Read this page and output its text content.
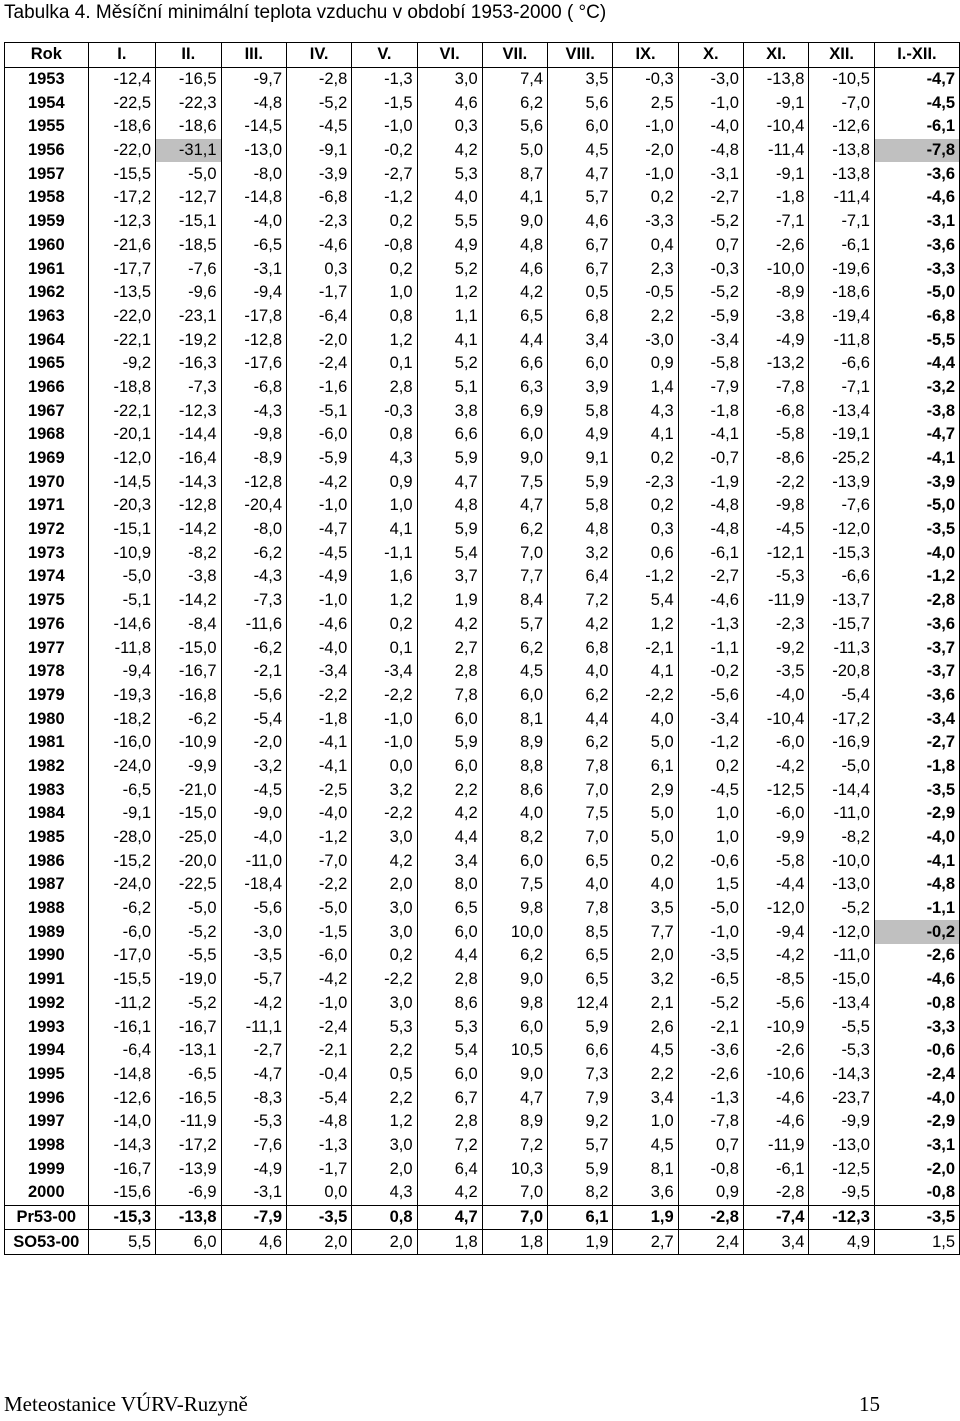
Tabulka 4. Měsíční minimální teplota vzduchu v období 1953-2000 ( °C)
Rok	I.	II.	III.	IV.	V.	VI.	VII.	VIII.	IX.	X.	XI.	XII.	I.-XII.
1953	-12,4	-16,5	-9,7	-2,8	-1,3	3,0	7,4	3,5	-0,3	-3,0	-13,8	-10,5	-4,7
1954	-22,5	-22,3	-4,8	-5,2	-1,5	4,6	6,2	5,6	2,5	-1,0	-9,1	-7,0	-4,5
1955	-18,6	-18,6	-14,5	-4,5	-1,0	0,3	5,6	6,0	-1,0	-4,0	-10,4	-12,6	-6,1
1956	-22,0	-31,1	-13,0	-9,1	-0,2	4,2	5,0	4,5	-2,0	-4,8	-11,4	-13,8	-7,8
1957	-15,5	-5,0	-8,0	-3,9	-2,7	5,3	8,7	4,7	-1,0	-3,1	-9,1	-13,8	-3,6
1958	-17,2	-12,7	-14,8	-6,8	-1,2	4,0	4,1	5,7	0,2	-2,7	-1,8	-11,4	-4,6
1959	-12,3	-15,1	-4,0	-2,3	0,2	5,5	9,0	4,6	-3,3	-5,2	-7,1	-7,1	-3,1
1960	-21,6	-18,5	-6,5	-4,6	-0,8	4,9	4,8	6,7	0,4	0,7	-2,6	-6,1	-3,6
1961	-17,7	-7,6	-3,1	0,3	0,2	5,2	4,6	6,7	2,3	-0,3	-10,0	-19,6	-3,3
1962	-13,5	-9,6	-9,4	-1,7	1,0	1,2	4,2	0,5	-0,5	-5,2	-8,9	-18,6	-5,0
1963	-22,0	-23,1	-17,8	-6,4	0,8	1,1	6,5	6,8	2,2	-5,9	-3,8	-19,4	-6,8
1964	-22,1	-19,2	-12,8	-2,0	1,2	4,1	4,4	3,4	-3,0	-3,4	-4,9	-11,8	-5,5
1965	-9,2	-16,3	-17,6	-2,4	0,1	5,2	6,6	6,0	0,9	-5,8	-13,2	-6,6	-4,4
1966	-18,8	-7,3	-6,8	-1,6	2,8	5,1	6,3	3,9	1,4	-7,9	-7,8	-7,1	-3,2
1967	-22,1	-12,3	-4,3	-5,1	-0,3	3,8	6,9	5,8	4,3	-1,8	-6,8	-13,4	-3,8
1968	-20,1	-14,4	-9,8	-6,0	0,8	6,6	6,0	4,9	4,1	-4,1	-5,8	-19,1	-4,7
1969	-12,0	-16,4	-8,9	-5,9	4,3	5,9	9,0	9,1	0,2	-0,7	-8,6	-25,2	-4,1
1970	-14,5	-14,3	-12,8	-4,2	0,9	4,7	7,5	5,9	-2,3	-1,9	-2,2	-13,9	-3,9
1971	-20,3	-12,8	-20,4	-1,0	1,0	4,8	4,7	5,8	0,2	-4,8	-9,8	-7,6	-5,0
1972	-15,1	-14,2	-8,0	-4,7	4,1	5,9	6,2	4,8	0,3	-4,8	-4,5	-12,0	-3,5
1973	-10,9	-8,2	-6,2	-4,5	-1,1	5,4	7,0	3,2	0,6	-6,1	-12,1	-15,3	-4,0
1974	-5,0	-3,8	-4,3	-4,9	1,6	3,7	7,7	6,4	-1,2	-2,7	-5,3	-6,6	-1,2
1975	-5,1	-14,2	-7,3	-1,0	1,2	1,9	8,4	7,2	5,4	-4,6	-11,9	-13,7	-2,8
1976	-14,6	-8,4	-11,6	-4,6	0,2	4,2	5,7	4,2	1,2	-1,3	-2,3	-15,7	-3,6
1977	-11,8	-15,0	-6,2	-4,0	0,1	2,7	6,2	6,8	-2,1	-1,1	-9,2	-11,3	-3,7
1978	-9,4	-16,7	-2,1	-3,4	-3,4	2,8	4,5	4,0	4,1	-0,2	-3,5	-20,8	-3,7
1979	-19,3	-16,8	-5,6	-2,2	-2,2	7,8	6,0	6,2	-2,2	-5,6	-4,0	-5,4	-3,6
1980	-18,2	-6,2	-5,4	-1,8	-1,0	6,0	8,1	4,4	4,0	-3,4	-10,4	-17,2	-3,4
1981	-16,0	-10,9	-2,0	-4,1	-1,0	5,9	8,9	6,2	5,0	-1,2	-6,0	-16,9	-2,7
1982	-24,0	-9,9	-3,2	-4,1	0,0	6,0	8,8	7,8	6,1	0,2	-4,2	-5,0	-1,8
1983	-6,5	-21,0	-4,5	-2,5	3,2	2,2	8,6	7,0	2,9	-4,5	-12,5	-14,4	-3,5
1984	-9,1	-15,0	-9,0	-4,0	-2,2	4,2	4,0	7,5	5,0	1,0	-6,0	-11,0	-2,9
1985	-28,0	-25,0	-4,0	-1,2	3,0	4,4	8,2	7,0	5,0	1,0	-9,9	-8,2	-4,0
1986	-15,2	-20,0	-11,0	-7,0	4,2	3,4	6,0	6,5	0,2	-0,6	-5,8	-10,0	-4,1
1987	-24,0	-22,5	-18,4	-2,2	2,0	8,0	7,5	4,0	4,0	1,5	-4,4	-13,0	-4,8
1988	-6,2	-5,0	-5,6	-5,0	3,0	6,5	9,8	7,8	3,5	-5,0	-12,0	-5,2	-1,1
1989	-6,0	-5,2	-3,0	-1,5	3,0	6,0	10,0	8,5	7,7	-1,0	-9,4	-12,0	-0,2
1990	-17,0	-5,5	-3,5	-6,0	0,2	4,4	6,2	6,5	2,0	-3,5	-4,2	-11,0	-2,6
1991	-15,5	-19,0	-5,7	-4,2	-2,2	2,8	9,0	6,5	3,2	-6,5	-8,5	-15,0	-4,6
1992	-11,2	-5,2	-4,2	-1,0	3,0	8,6	9,8	12,4	2,1	-5,2	-5,6	-13,4	-0,8
1993	-16,1	-16,7	-11,1	-2,4	5,3	5,3	6,0	5,9	2,6	-2,1	-10,9	-5,5	-3,3
1994	-6,4	-13,1	-2,7	-2,1	2,2	5,4	10,5	6,6	4,5	-3,6	-2,6	-5,3	-0,6
1995	-14,8	-6,5	-4,7	-0,4	0,5	6,0	9,0	7,3	2,2	-2,6	-10,6	-14,3	-2,4
1996	-12,6	-16,5	-8,3	-5,4	2,2	6,7	4,7	7,9	3,4	-1,3	-4,6	-23,7	-4,0
1997	-14,0	-11,9	-5,3	-4,8	1,2	2,8	8,9	9,2	1,0	-7,8	-4,6	-9,9	-2,9
1998	-14,3	-17,2	-7,6	-1,3	3,0	7,2	7,2	5,7	4,5	0,7	-11,9	-13,0	-3,1
1999	-16,7	-13,9	-4,9	-1,7	2,0	6,4	10,3	5,9	8,1	-0,8	-6,1	-12,5	-2,0
2000	-15,6	-6,9	-3,1	0,0	4,3	4,2	7,0	8,2	3,6	0,9	-2,8	-9,5	-0,8
Pr53-00	-15,3	-13,8	-7,9	-3,5	0,8	4,7	7,0	6,1	1,9	-2,8	-7,4	-12,3	-3,5
SO53-00	5,5	6,0	4,6	2,0	2,0	1,8	1,8	1,9	2,7	2,4	3,4	4,9	1,5
Meteostanice VÚRV-Ruzyně	15
